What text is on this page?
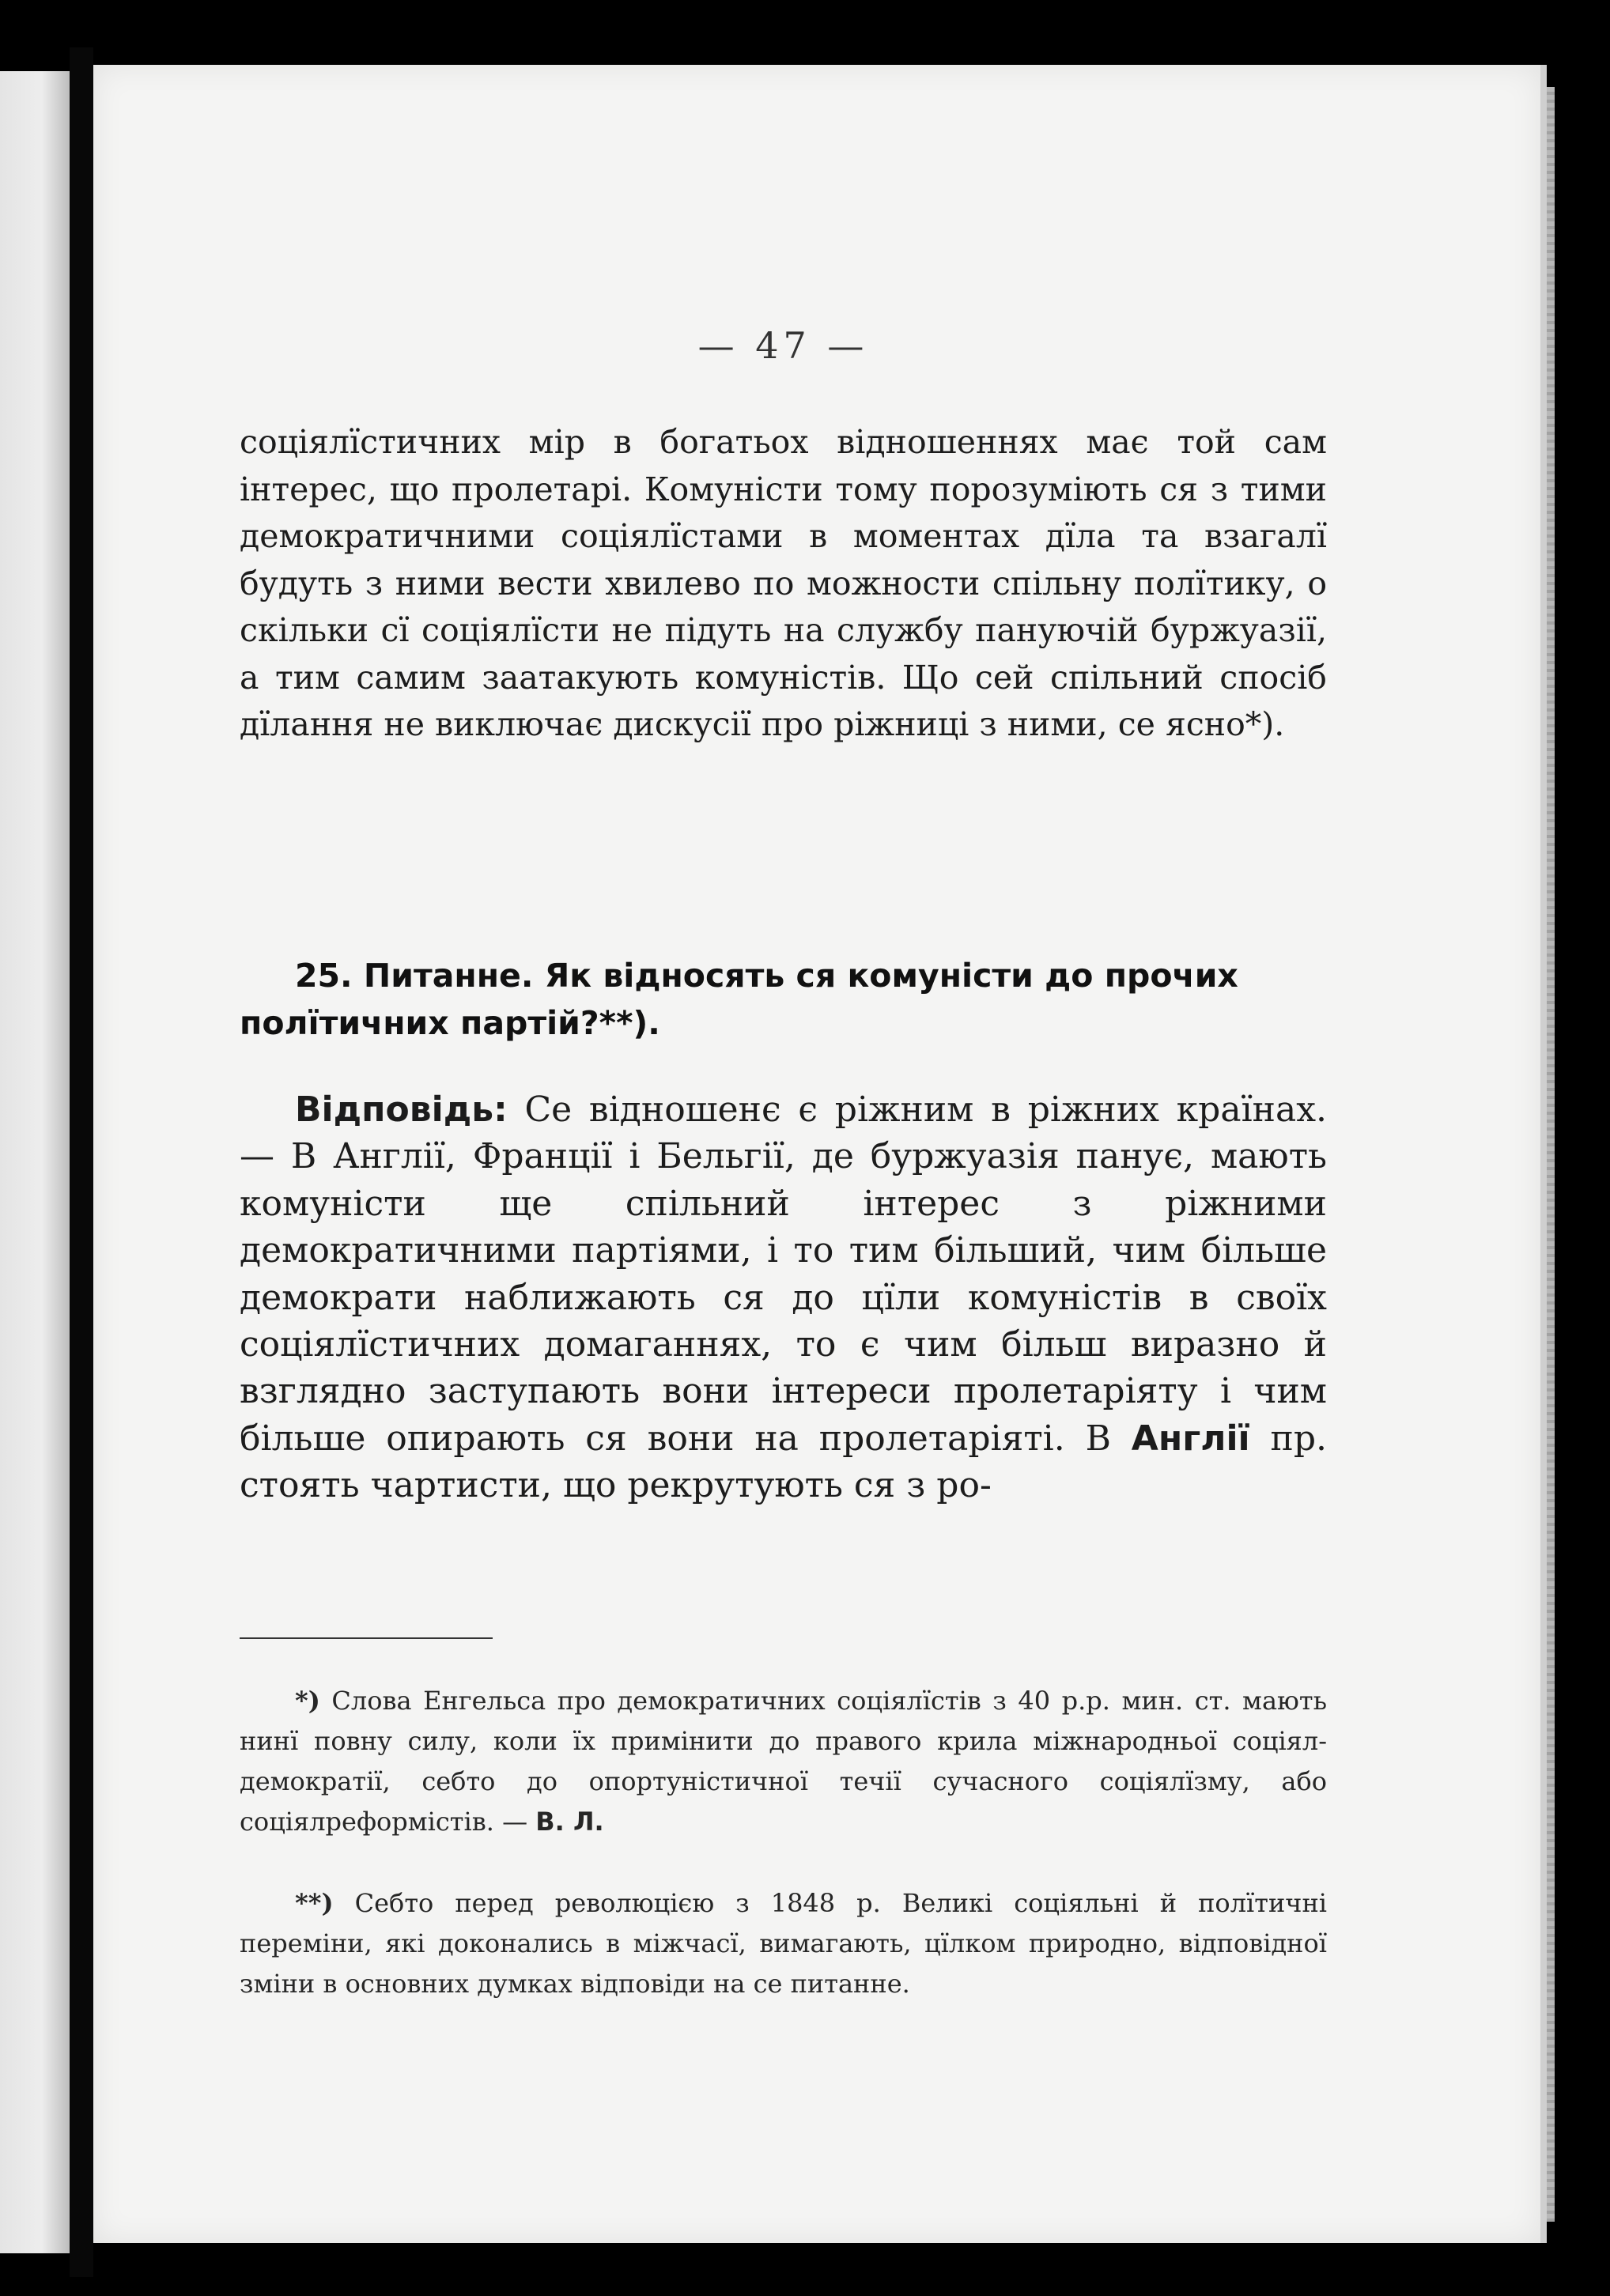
— 47 —

соціялїстичних мір в богатьох відношеннях має той сам інтерес, що пролетарі. Комуністи тому порозуміють ся з тими демократичними соціялїстами в моментах дїла та взагалї будуть з ними вести хвилево по можности спільну полїтику, о скільки сї соціялїсти не підуть на службу пануючій буржуазії, а тим самим заатакують комуністів. Що сей спільний спосіб дїлання не виключає дискусії про ріжниці з ними, се ясно*).

25. Питанне. Як відносять ся комуністи до прочих полїтичних партій?**).

Відповідь: Се відношенє є ріжним в ріжних країнах. — В Англії, Франції і Бельгії, де буржуазія панує, мають комуністи ще спільний інтерес з ріжними демократичними партіями, і то тим більший, чим більше демократи наближають ся до цїли комуністів в своїх соціялїстичних домаганнях, то є чим більш виразно й взглядно заступають вони інтереси пролетаріяту і чим більше опирають ся вони на пролетаріяті. В Англії пр. стоять чартисти, що рекрутують ся з ро-

*) Слова Енгельса про демократичних соціялїстів з 40 р.р. мин. ст. мають нинї повну силу, коли їх примінити до правого крила міжнародньої соціял-демократії, себто до опортуністичної течії сучасного соціялїзму, або соціялреформістів. — В. Л.

**) Себто перед революцією з 1848 р. Великі соціяльні й полїтичні переміни, які доконались в міжчасї, вимагають, цїлком природно, відповідної зміни в основних думках відповіди на се питанне.
